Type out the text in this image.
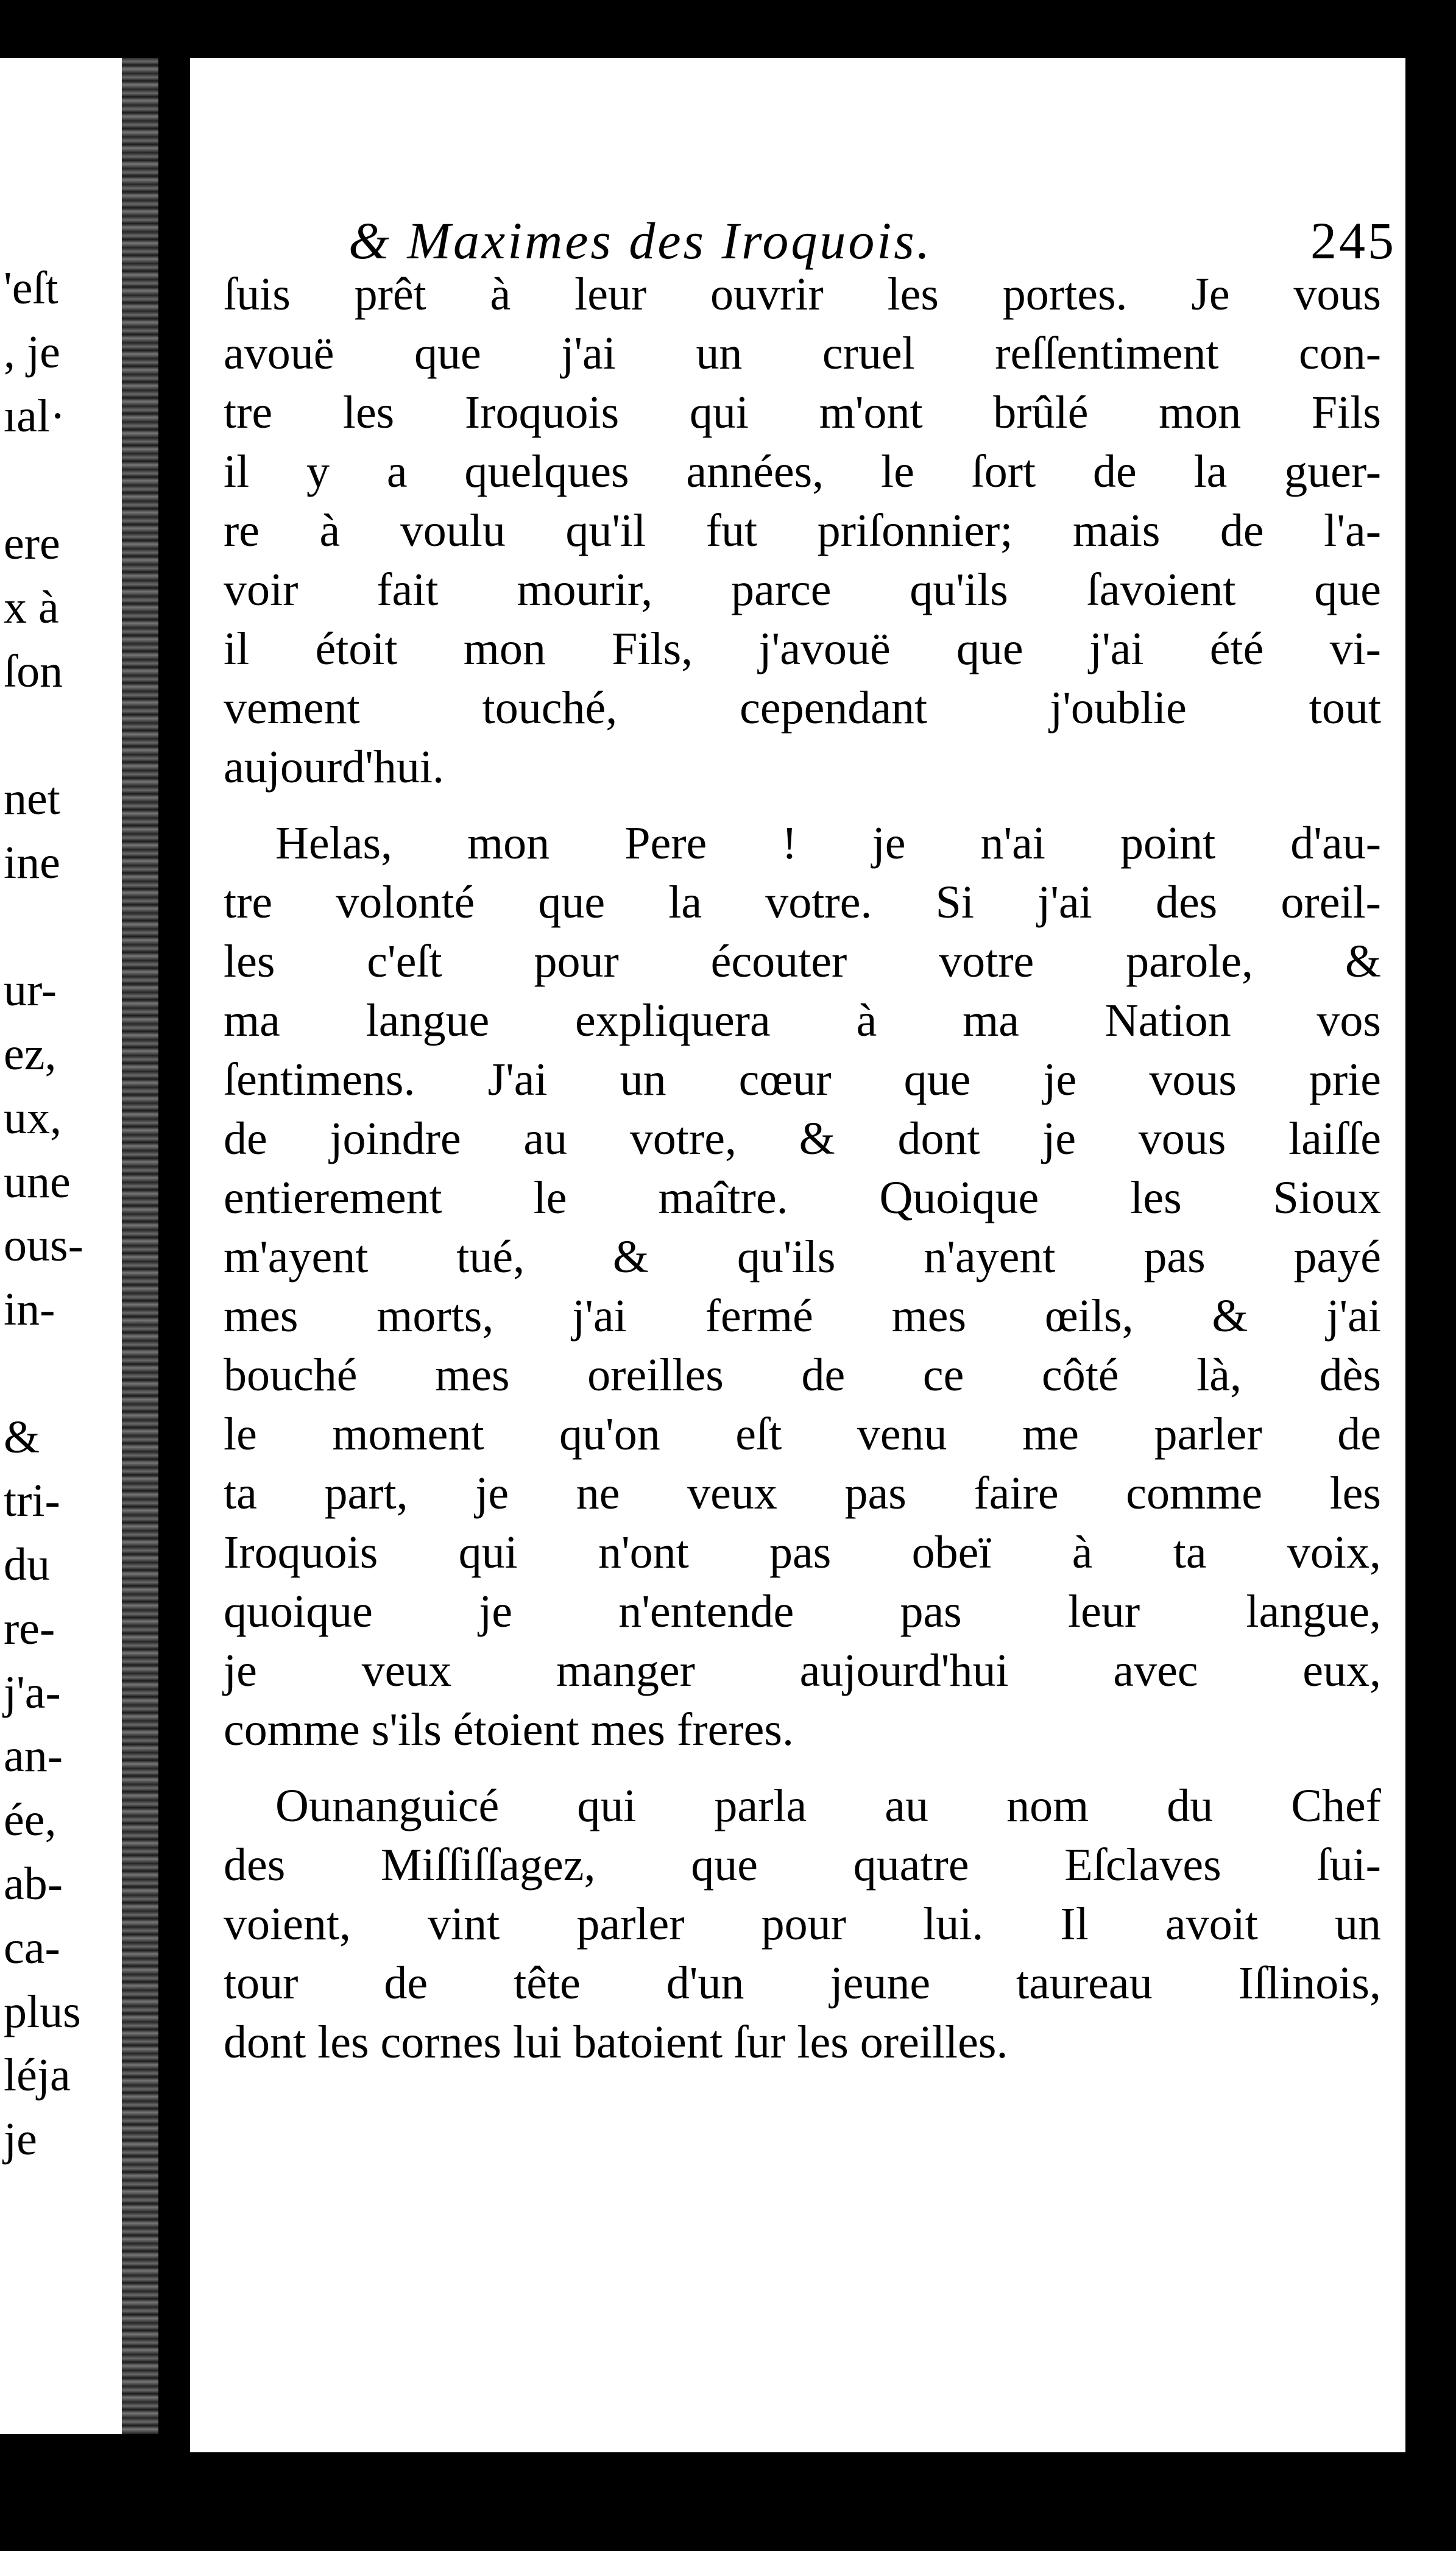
'eſt
, je
ıal·
ere
x à
ſon
net
ine
ur-
ez,
ux,
une
ous-
in-
&
tri-
du
re-
j'a-
an-
ée,
ab-
ca-
plus
léja
je
& Maximes des Iroquois.	245
ſuis prêt à leur ouvrir les portes. Je vous
avouë que j'ai un cruel reſſentiment con-
tre les Iroquois qui m'ont brûlé mon Fils
il y a quelques années, le ſort de la guer-
re à voulu qu'il fut priſonnier; mais de l'a-
voir fait mourir, parce qu'ils ſavoient que
il étoit mon Fils, j'avouë que j'ai été vi-
vement touché, cependant j'oublie tout
aujourd'hui.
Helas, mon Pere ! je n'ai point d'au-
tre volonté que la votre. Si j'ai des oreil-
les c'eſt pour écouter votre parole, &
ma langue expliquera à ma Nation vos
ſentimens. J'ai un cœur que je vous prie
de joindre au votre, & dont je vous laiſſe
entierement le maître. Quoique les Sioux
m'ayent tué, & qu'ils n'ayent pas payé
mes morts, j'ai fermé mes œils, & j'ai
bouché mes oreilles de ce côté là, dès
le moment qu'on eſt venu me parler de
ta part, je ne veux pas faire comme les
Iroquois qui n'ont pas obeï à ta voix,
quoique je n'entende pas leur langue,
je veux manger aujourd'hui avec eux,
comme s'ils étoient mes freres.
Ounanguicé qui parla au nom du Chef
des Miſſiſſagez, que quatre Eſclaves ſui-
voient, vint parler pour lui. Il avoit un
tour de tête d'un jeune taureau Iſlinois,
dont les cornes lui batoient ſur les oreilles.
